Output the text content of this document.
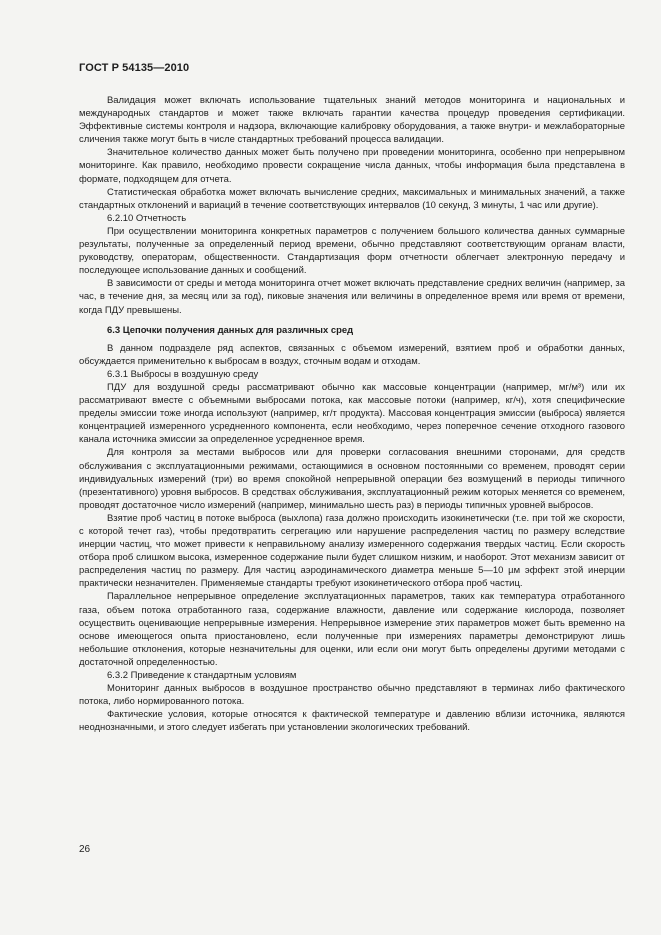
ГОСТ Р 54135—2010

Валидация может включать использование тщательных знаний методов мониторинга и национальных и международных стандартов и может также включать гарантии качества процедур проведения сертификации. Эффективные системы контроля и надзора, включающие калибровку оборудования, а также внутри- и межлабораторные сличения также могут быть в числе стандартных требований процесса валидации.

Значительное количество данных может быть получено при проведении мониторинга, особенно при непрерывном мониторинге. Как правило, необходимо провести сокращение числа данных, чтобы информация была представлена в формате, подходящем для отчета.

Статистическая обработка может включать вычисление средних, максимальных и минимальных значений, а также стандартных отклонений и вариаций в течение соответствующих интервалов (10 секунд, 3 минуты, 1 час или другие).

6.2.10 Отчетность

При осуществлении мониторинга конкретных параметров с получением большого количества данных суммарные результаты, полученные за определенный период времени, обычно представляют соответствующим органам власти, руководству, операторам, общественности. Стандартизация форм отчетности облегчает электронную передачу и последующее использование данных и сообщений.

В зависимости от среды и метода мониторинга отчет может включать представление средних величин (например, за час, в течение дня, за месяц или за год), пиковые значения или величины в определенное время или время от времени, когда ПДУ превышены.

6.3 Цепочки получения данных для различных сред

В данном подразделе ряд аспектов, связанных с объемом измерений, взятием проб и обработки данных, обсуждается применительно к выбросам в воздух, сточным водам и отходам.

6.3.1 Выбросы в воздушную среду

ПДУ для воздушной среды рассматривают обычно как массовые концентрации (например, мг/м³) или их рассматривают вместе с объемными выбросами потока, как массовые потоки (например, кг/ч), хотя специфические пределы эмиссии тоже иногда используют (например, кг/т продукта). Массовая концентрация эмиссии (выброса) является концентрацией измеренного усредненного компонента, если необходимо, через поперечное сечение отходного газового канала источника эмиссии за определенное усредненное время.

Для контроля за местами выбросов или для проверки согласования внешними сторонами, для средств обслуживания с эксплуатационными режимами, остающимися в основном постоянными со временем, проводят серии индивидуальных измерений (три) во время спокойной непрерывной операции без возмущений в периоды типичного (презентативного) уровня выбросов. В средствах обслуживания, эксплуатационный режим которых меняется со временем, проводят достаточное число измерений (например, минимально шесть раз) в периоды типичных уровней выбросов.

Взятие проб частиц в потоке выброса (выхлопа) газа должно происходить изокинетически (т.е. при той же скорости, с которой течет газ), чтобы предотвратить сегрегацию или нарушение распределения частиц по размеру вследствие инерции частиц, что может привести к неправильному анализу измеренного содержания твердых частиц. Если скорость отбора проб слишком высока, измеренное содержание пыли будет слишком низким, и наоборот. Этот механизм зависит от распределения частиц по размеру. Для частиц аэродинамического диаметра меньше 5—10 µм эффект этой инерции практически незначителен. Применяемые стандарты требуют изокинетического отбора проб частиц.

Параллельное непрерывное определение эксплуатационных параметров, таких как температура отработанного газа, объем потока отработанного газа, содержание влажности, давление или содержание кислорода, позволяет осуществить оценивающие непрерывные измерения. Непрерывное измерение этих параметров может быть временно на основе имеющегося опыта приостановлено, если полученные при измерениях параметры демонстрируют лишь небольшие отклонения, которые незначительны для оценки, или если они могут быть определены другими методами с достаточной определенностью.

6.3.2 Приведение к стандартным условиям

Мониторинг данных выбросов в воздушное пространство обычно представляют в терминах либо фактического потока, либо нормированного потока.

Фактические условия, которые относятся к фактической температуре и давлению вблизи источника, являются неоднозначными, и этого следует избегать при установлении экологических требований.

26
